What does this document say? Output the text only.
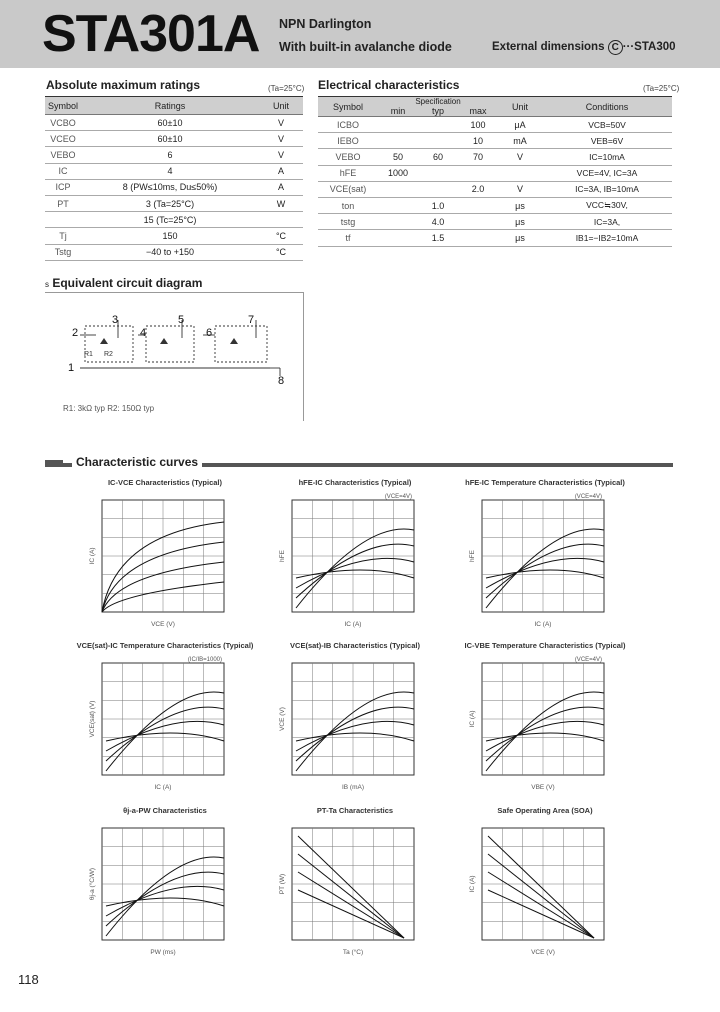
STA301A NPN Darlington
With built-in avalanche diode	External dimensions C ···STA300
Absolute maximum ratings	(Ta=25°C)
Symbol	Ratings	Unit
VCBO	60±10	V
VCEO	60±10	V
VEBO	6	V
IC	4	A
ICP	8 (PW≤10ms, Du≤50%)	A
PT	3 (Ta=25°C)	W
	15 (Tc=25°C)	
Tj	150	°C
Tstg	−40 to +150	°C
Electrical characteristics	(Ta=25°C)
Symbol	Specification			Unit	Conditions
	min	typ	max		
ICBO			100	μA	VCB=50V
IEBO			10	mA	VEB=6V
VEBO	50	60	70	V	IC=10mA
hFE	1000				VCE=4V, IC=3A
VCE(sat)			2.0	V	IC=3A, IB=10mA
ton		1.0		μs	VCC≒30V,
tstg		4.0		μs	IC=3A,
tf		1.5		μs	IB1=−IB2=10mA
s Equivalent circuit diagram
1
2
3
4
5
6
7
8
R1 R2
R1: 3kΩ typ R2: 150Ω typ
Characteristic curves
IC-VCE Characteristics (Typical)
VCE (V)
IC (A)
hFE-IC Characteristics (Typical)
IC (A)
hFE
(VCE=4V)
hFE-IC Temperature Characteristics (Typical)
IC (A)
hFE
(VCE=4V)
VCE(sat)-IC Temperature Characteristics (Typical)
IC (A)
VCE(sat) (V)
(IC/IB=1000)
VCE(sat)-IB Characteristics (Typical)
IB (mA)
VCE (V)
IC-VBE Temperature Characteristics (Typical)
VBE (V)
IC (A)
(VCE=4V)
θj-a-PW Characteristics
PW (ms)
θj-a (°C/W)
PT-Ta Characteristics
Ta (°C)
PT (W)
Safe Operating Area (SOA)
VCE (V)
IC (A)
118
